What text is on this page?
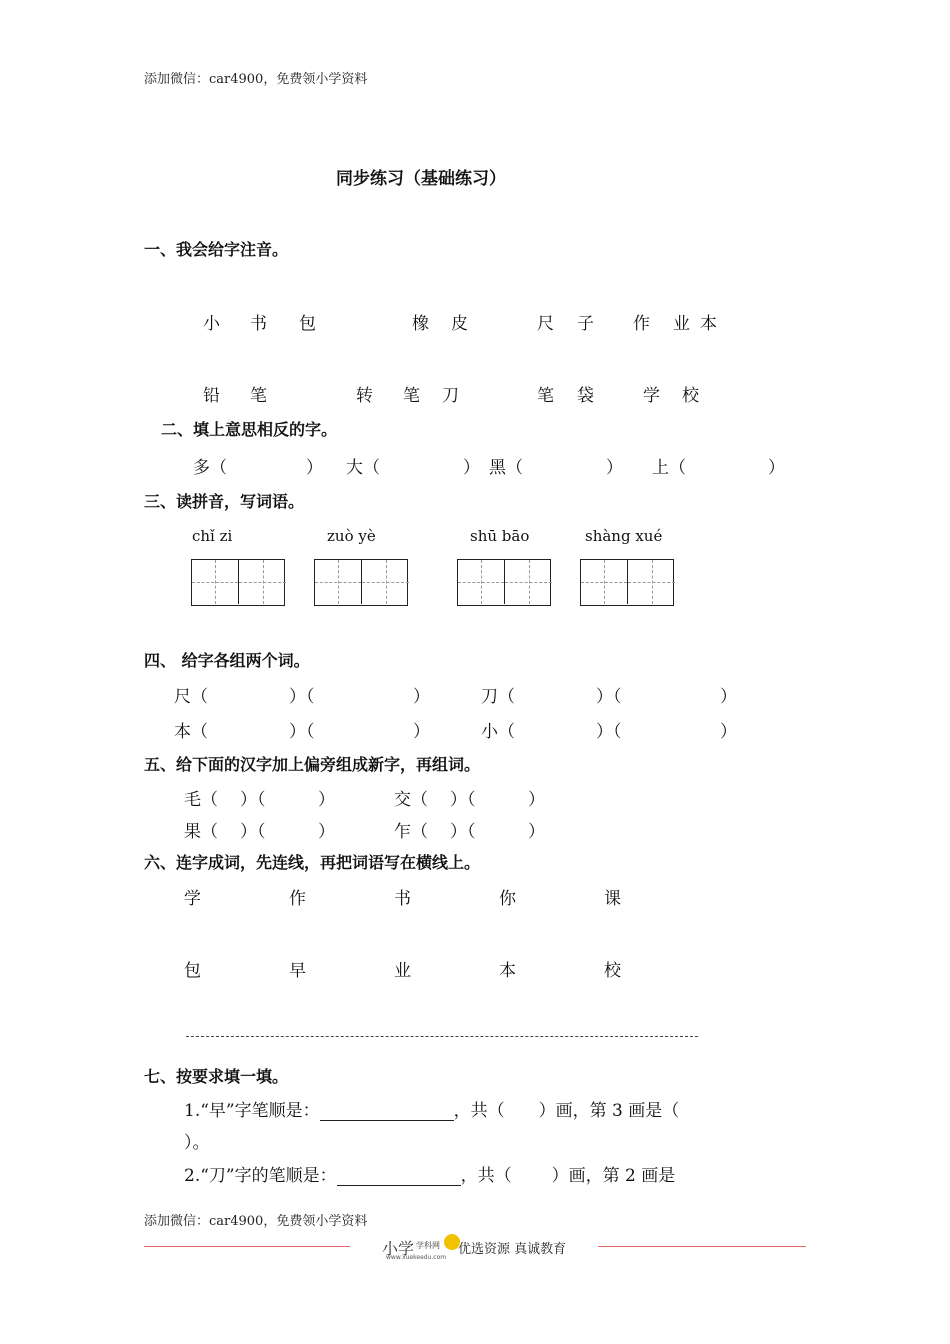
添加微信：car4900，免费领小学资料
同步练习（基础练习）
一、我会给字注音。
小 书 包	橡 皮	尺 子 作 业 本
铅 笔	转 笔 刀	笔 袋	学 校
二、填上意思相反的字。
多（	） 大（	） 黑（	） 上（	）
三、读拼音，写词语。
chǐ zi	zuò yè	shū bāo	shàng xué
四、 给字各组两个词。
尺（	）（	）	刀（	）（	）
本（	）（	）	小（	）（	）
五、给下面的汉字加上偏旁组成新字，再组词。
毛（ ）（	）	交（ ）（	）
果（ ）（	）	乍（ ）（	）
六、连字成词，先连线，再把词语写在横线上。
学	作	书	你	课
包	早	业	本	校
七、按要求填一填。
1.“早”字笔顺是：	，共（ ）画，第 3 画是（
）。
2.“刀”字的笔顺是：	，共（ ）画，第 2 画是
添加微信：car4900，免费领小学资料
小学 学科网
www.xuekeedu.com
优选资源 真诚教育
